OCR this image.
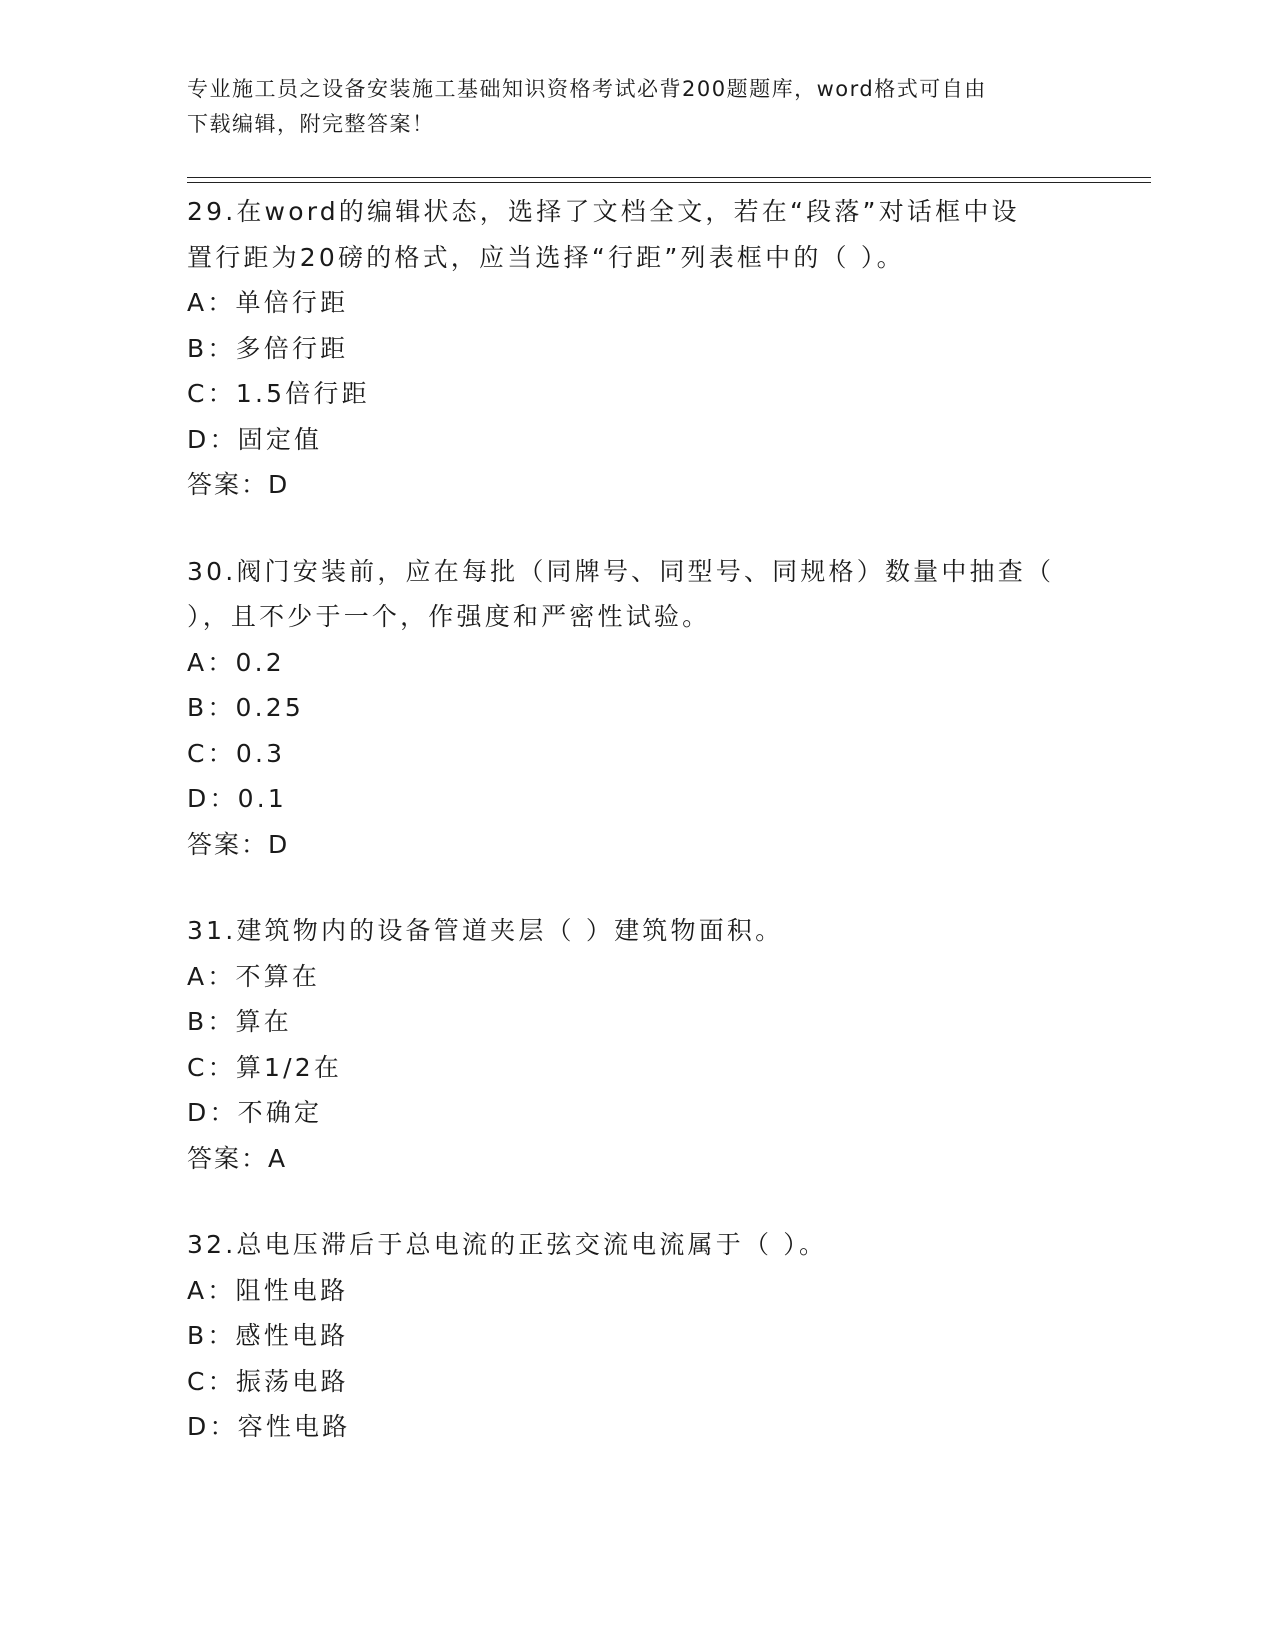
专业施工员之设备安装施工基础知识资格考试必背200题题库，word格式可自由
下载编辑，附完整答案！
29.在word的编辑状态，选择了文档全文，若在“段落”对话框中设
置行距为20磅的格式，应当选择“行距”列表框中的（ ）。
A：单倍行距
B：多倍行距
C：1.5倍行距
D：固定值
答案：D
30.阀门安装前，应在每批（同牌号、同型号、同规格）数量中抽查（
），且不少于一个，作强度和严密性试验。
A：0.2
B：0.25
C：0.3
D：0.1
答案：D
31.建筑物内的设备管道夹层（ ）建筑物面积。
A：不算在
B：算在
C：算1/2在
D：不确定
答案：A
32.总电压滞后于总电流的正弦交流电流属于（ ）。
A：阻性电路
B：感性电路
C：振荡电路
D：容性电路
